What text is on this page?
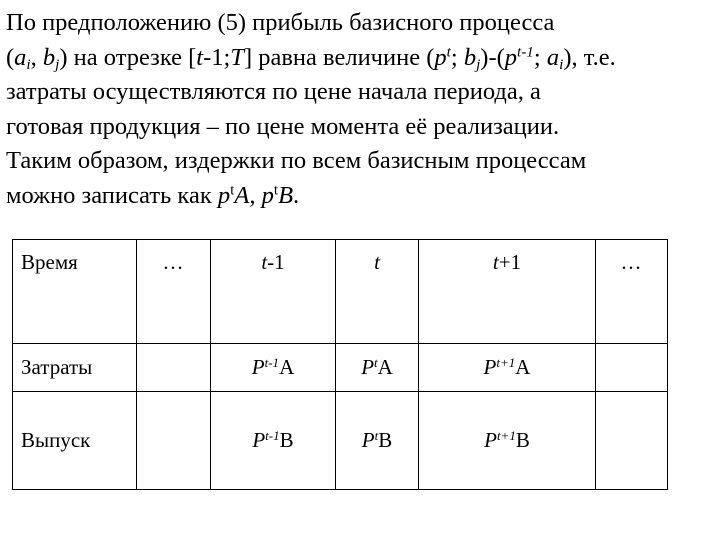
По предположению (5) прибыль базисного процесса
($a_i$, $b_j$) на отрезке [t-1;T] равна величине ($p^t$; $b_j)-(p^{t-1}$; $a_i$), т.е.
затраты осуществляются по цене начала периода, а
готовая продукция – по цене момента её реализации.
Таким образом, издержки по всем базисным процессам
можно записать как $p^tA$, $p^tB$.
Время	…	t-1	t	t+1	…
Затраты		$P^{t-1}A$	$P^tA$	$P^{t+1}A$	
Выпуск		$P^{t-1}B$	$P^tB$	$P^{t+1}B$	
